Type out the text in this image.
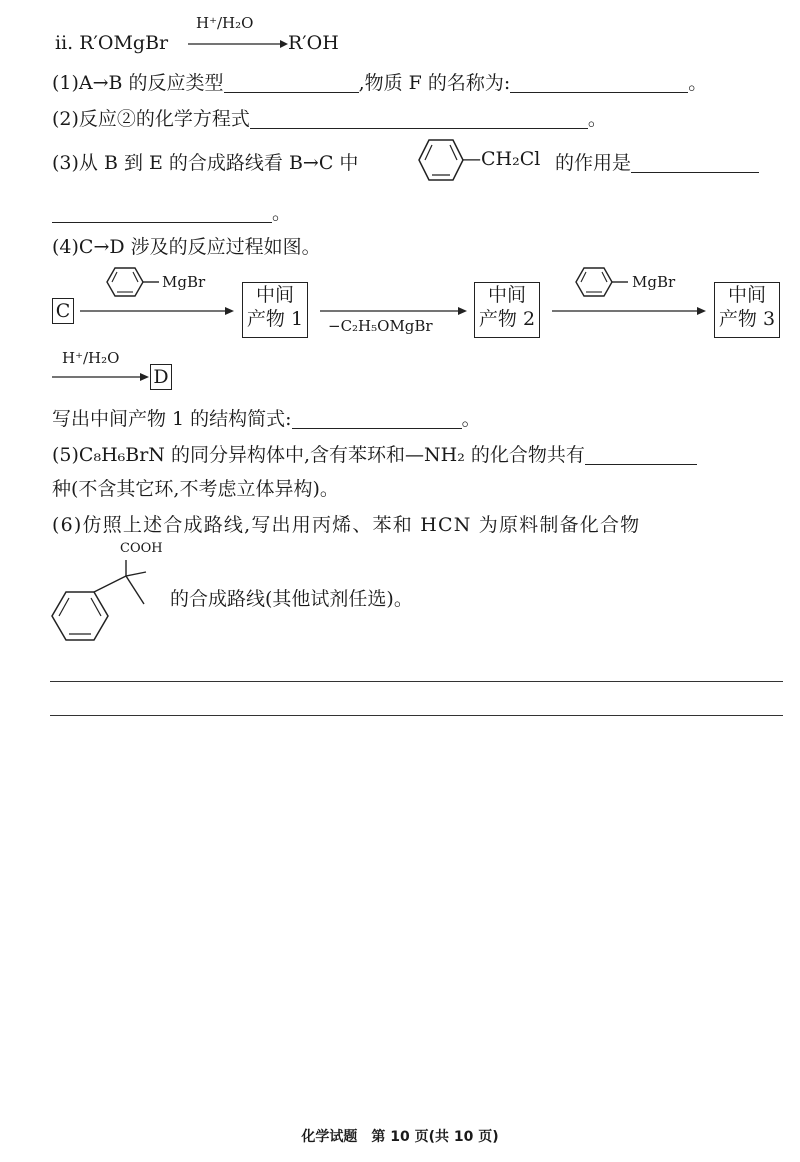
ⅱ. R′OMgBr
H⁺/H₂O
R′OH
(1)A→B 的反应类型	,物质 F 的名称为:	。
(2)反应②的化学方程式	。
(3)从 B 到 E 的合成路线看 B→C 中	—CH₂Cl 的作用是
。
(4)C→D 涉及的反应过程如图。
C
MgBr
中间
产物 1 −C₂H₅OMgBr
中间
产物 2
MgBr
中间
产物 3
H⁺/H₂O
D
写出中间产物 1 的结构简式:	。
(5)C₈H₆BrN 的同分异构体中,含有苯环和—NH₂ 的化合物共有
种(不含其它环,不考虑立体异构)。
(6)仿照上述合成路线,写出用丙烯、苯和 HCN 为原料制备化合物
COOH
的合成路线(其他试剂任选)。
化学试题　第 10 页(共 10 页)
